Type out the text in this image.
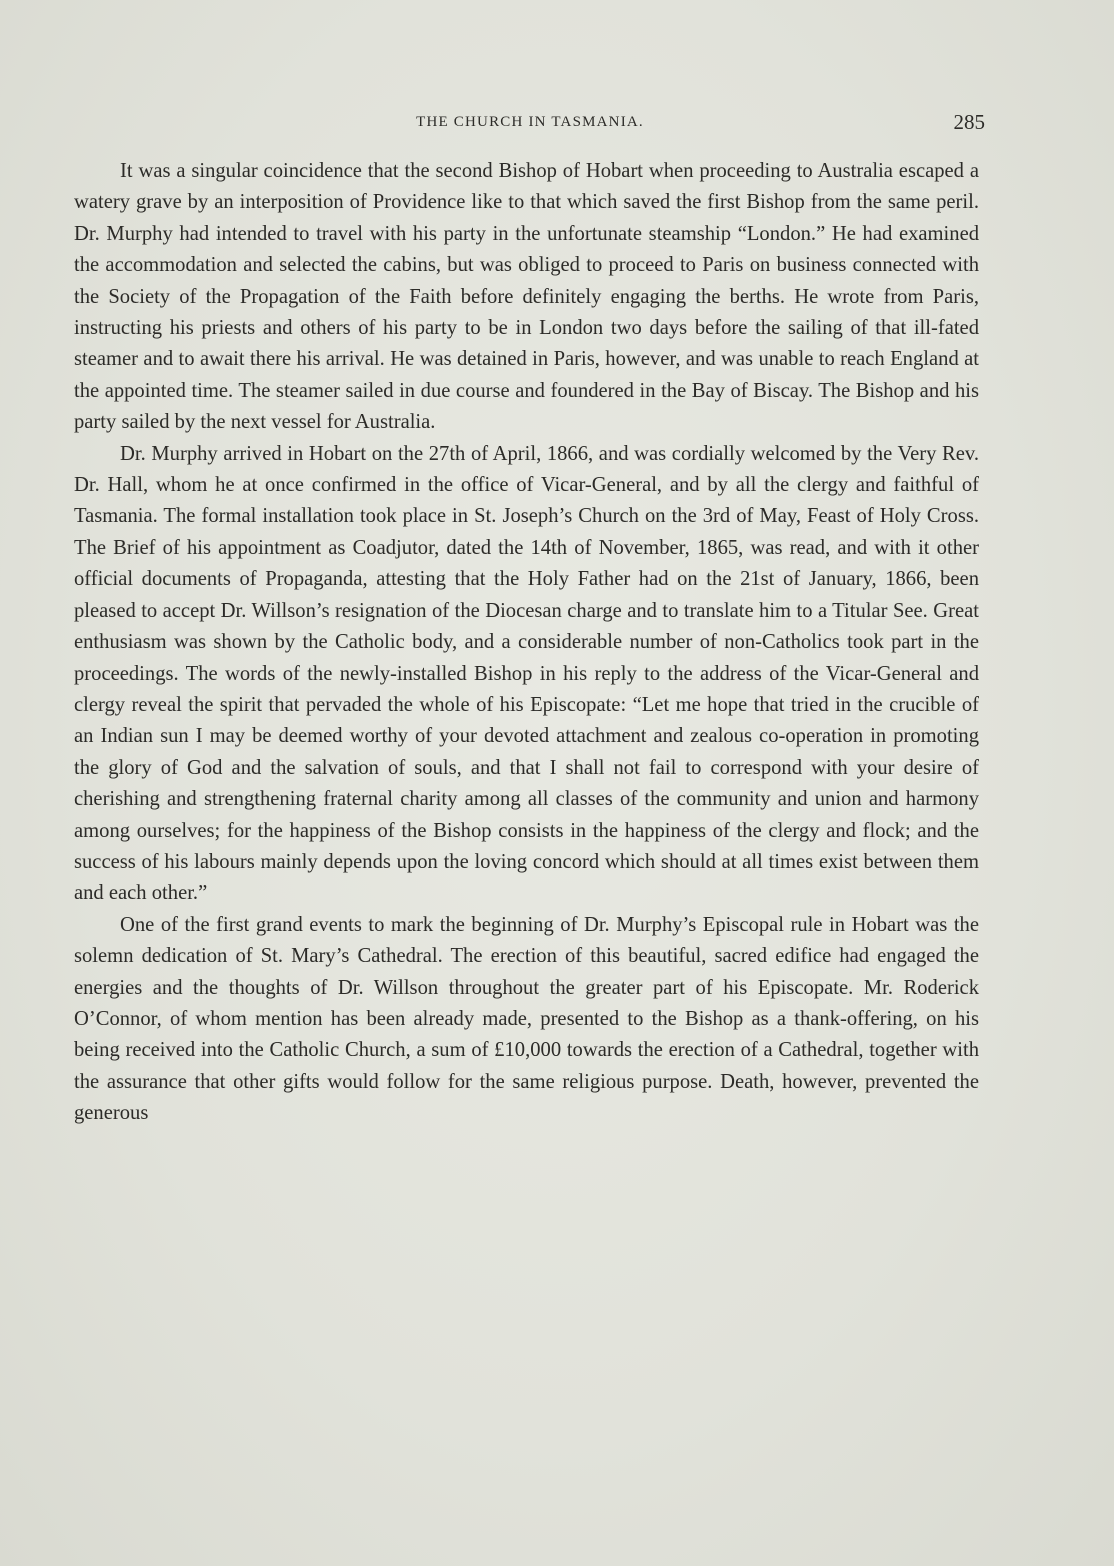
THE CHURCH IN TASMANIA.	285

It was a singular coincidence that the second Bishop of Hobart when proceeding to Australia escaped a watery grave by an interposition of Providence like to that which saved the first Bishop from the same peril. Dr. Murphy had intended to travel with his party in the unfortunate steamship “London.” He had examined the accommodation and selected the cabins, but was obliged to proceed to Paris on business connected with the Society of the Propagation of the Faith before definitely engaging the berths. He wrote from Paris, instructing his priests and others of his party to be in London two days before the sailing of that ill-fated steamer and to await there his arrival. He was detained in Paris, however, and was unable to reach England at the appointed time. The steamer sailed in due course and foundered in the Bay of Biscay. The Bishop and his party sailed by the next vessel for Australia.

Dr. Murphy arrived in Hobart on the 27th of April, 1866, and was cordially welcomed by the Very Rev. Dr. Hall, whom he at once confirmed in the office of Vicar-General, and by all the clergy and faithful of Tasmania. The formal installation took place in St. Joseph’s Church on the 3rd of May, Feast of Holy Cross. The Brief of his appointment as Coadjutor, dated the 14th of November, 1865, was read, and with it other official documents of Propaganda, attesting that the Holy Father had on the 21st of January, 1866, been pleased to accept Dr. Willson’s resignation of the Diocesan charge and to translate him to a Titular See. Great enthusiasm was shown by the Catholic body, and a considerable number of non-Catholics took part in the proceedings. The words of the newly-installed Bishop in his reply to the address of the Vicar-General and clergy reveal the spirit that pervaded the whole of his Episcopate: “Let me hope that tried in the crucible of an Indian sun I may be deemed worthy of your devoted attachment and zealous co-operation in promoting the glory of God and the salvation of souls, and that I shall not fail to correspond with your desire of cherishing and strengthening fraternal charity among all classes of the community and union and harmony among ourselves; for the happiness of the Bishop consists in the happiness of the clergy and flock; and the success of his labours mainly depends upon the loving concord which should at all times exist between them and each other.”

One of the first grand events to mark the beginning of Dr. Murphy’s Episcopal rule in Hobart was the solemn dedication of St. Mary’s Cathedral. The erection of this beautiful, sacred edifice had engaged the energies and the thoughts of Dr. Willson throughout the greater part of his Episcopate. Mr. Roderick O’Connor, of whom mention has been already made, presented to the Bishop as a thank-offering, on his being received into the Catholic Church, a sum of £10,000 towards the erection of a Cathedral, together with the assurance that other gifts would follow for the same religious purpose. Death, however, prevented the generous
